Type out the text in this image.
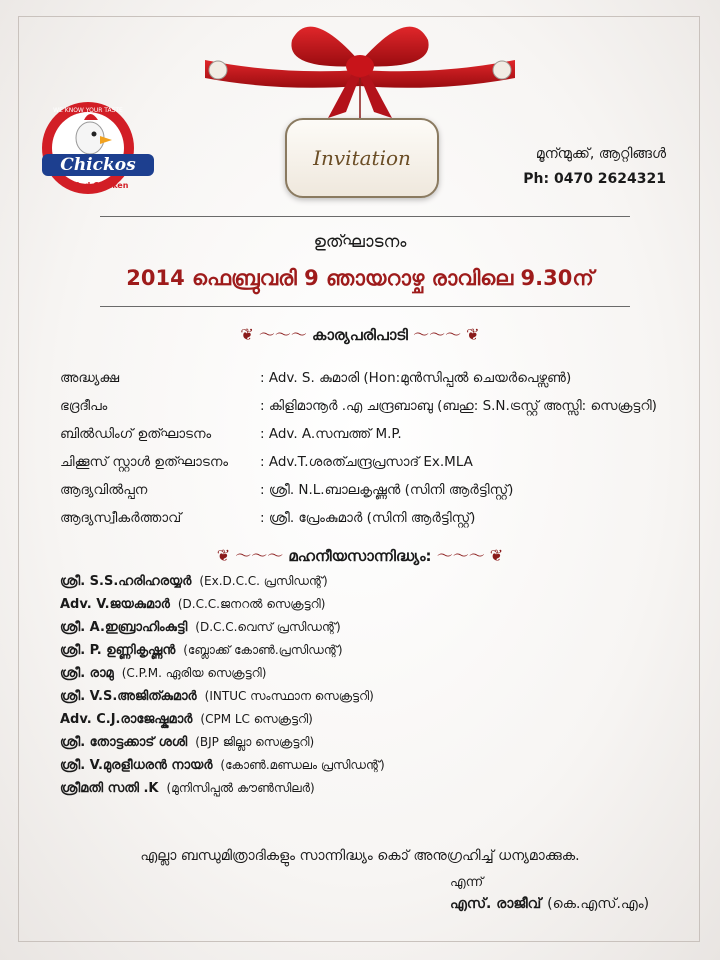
Invitation
WE KNOW YOUR TASTE
Chickos
Fried Chicken
മൂന്ന്മുക്ക്, ആറ്റിങ്ങൾ
Ph: 0470 2624321
ഉത്ഘാടനം
2014 ഫെബ്രുവരി 9 ഞായറാഴ്ച രാവിലെ 9.30ന്
❦ ～～～ കാര്യപരിപാടി ～～～ ❦
അദ്ധ്യക്ഷ	: Adv. S. കുമാരി (Hon:മുൻസിപ്പൽ ചെയർപെഴ്സൺ)
ഭദ്രദീപം	: കിളിമാനൂർ .എ ചന്ദ്രബാബു (ബഹു: S.N.ട്രസ്റ്റ് അസ്സി: സെക്രട്ടറി)
ബിൽഡിംഗ് ഉത്ഘാടനം	: Adv. A.സമ്പത്ത് M.P.
ചിക്കൂസ് സ്റ്റാൾ ഉത്ഘാടനം	: Adv.T.ശരത്ചന്ദ്രപ്രസാദ് Ex.MLA
ആദ്യവിൽപ്പന	: ശ്രീ. N.L.ബാലകൃഷ്ണൻ (സിനി ആർട്ടിസ്റ്റ്)
ആദ്യസ്വീകർത്താവ്	: ശ്രീ. പ്രേംകുമാർ (സിനി ആർട്ടിസ്റ്റ്)
❦ ～～～ മഹനീയസാന്നിദ്ധ്യം: ～～～ ❦
ശ്രീ. S.S.ഹരിഹരയ്യർ (Ex.D.C.C. പ്രസിഡന്റ്)
Adv. V.ജയകുമാർ (D.C.C.ജനറൽ സെക്രട്ടറി)
ശ്രീ. A.ഇബ്രാഹിംകുട്ടി (D.C.C.വെസ് പ്രസിഡന്റ്)
ശ്രീ. P. ഉണ്ണികൃഷ്ണൻ (ബ്ലോക്ക് കോൺ.പ്രസിഡന്റ്)
ശ്രീ. രാമു (C.P.M. ഏരിയ സെക്രട്ടറി)
ശ്രീ. V.S.അജിത്കുമാർ (INTUC സംസ്ഥാന സെക്രട്ടറി)
Adv. C.J.രാജേഷ്കുമാർ (CPM LC സെക്രട്ടറി)
ശ്രീ. തോട്ടക്കാട് ശശി (BJP ജില്ലാ സെക്രട്ടറി)
ശ്രീ. V.മുരളീധരൻ നായർ (കോൺ.മണ്ഡലം പ്രസിഡന്റ്)
ശ്രീമതി സതി .K (മുനിസിപ്പൽ കൗൺസിലർ)
എല്ലാ ബന്ധുമിത്രാദികളും സാന്നിദ്ധ്യം കൊ് അനുഗ്രഹിച്ച് ധന്യമാക്കുക.
എന്ന്
എസ്. രാജീവ് (കെ.എസ്.എം)
